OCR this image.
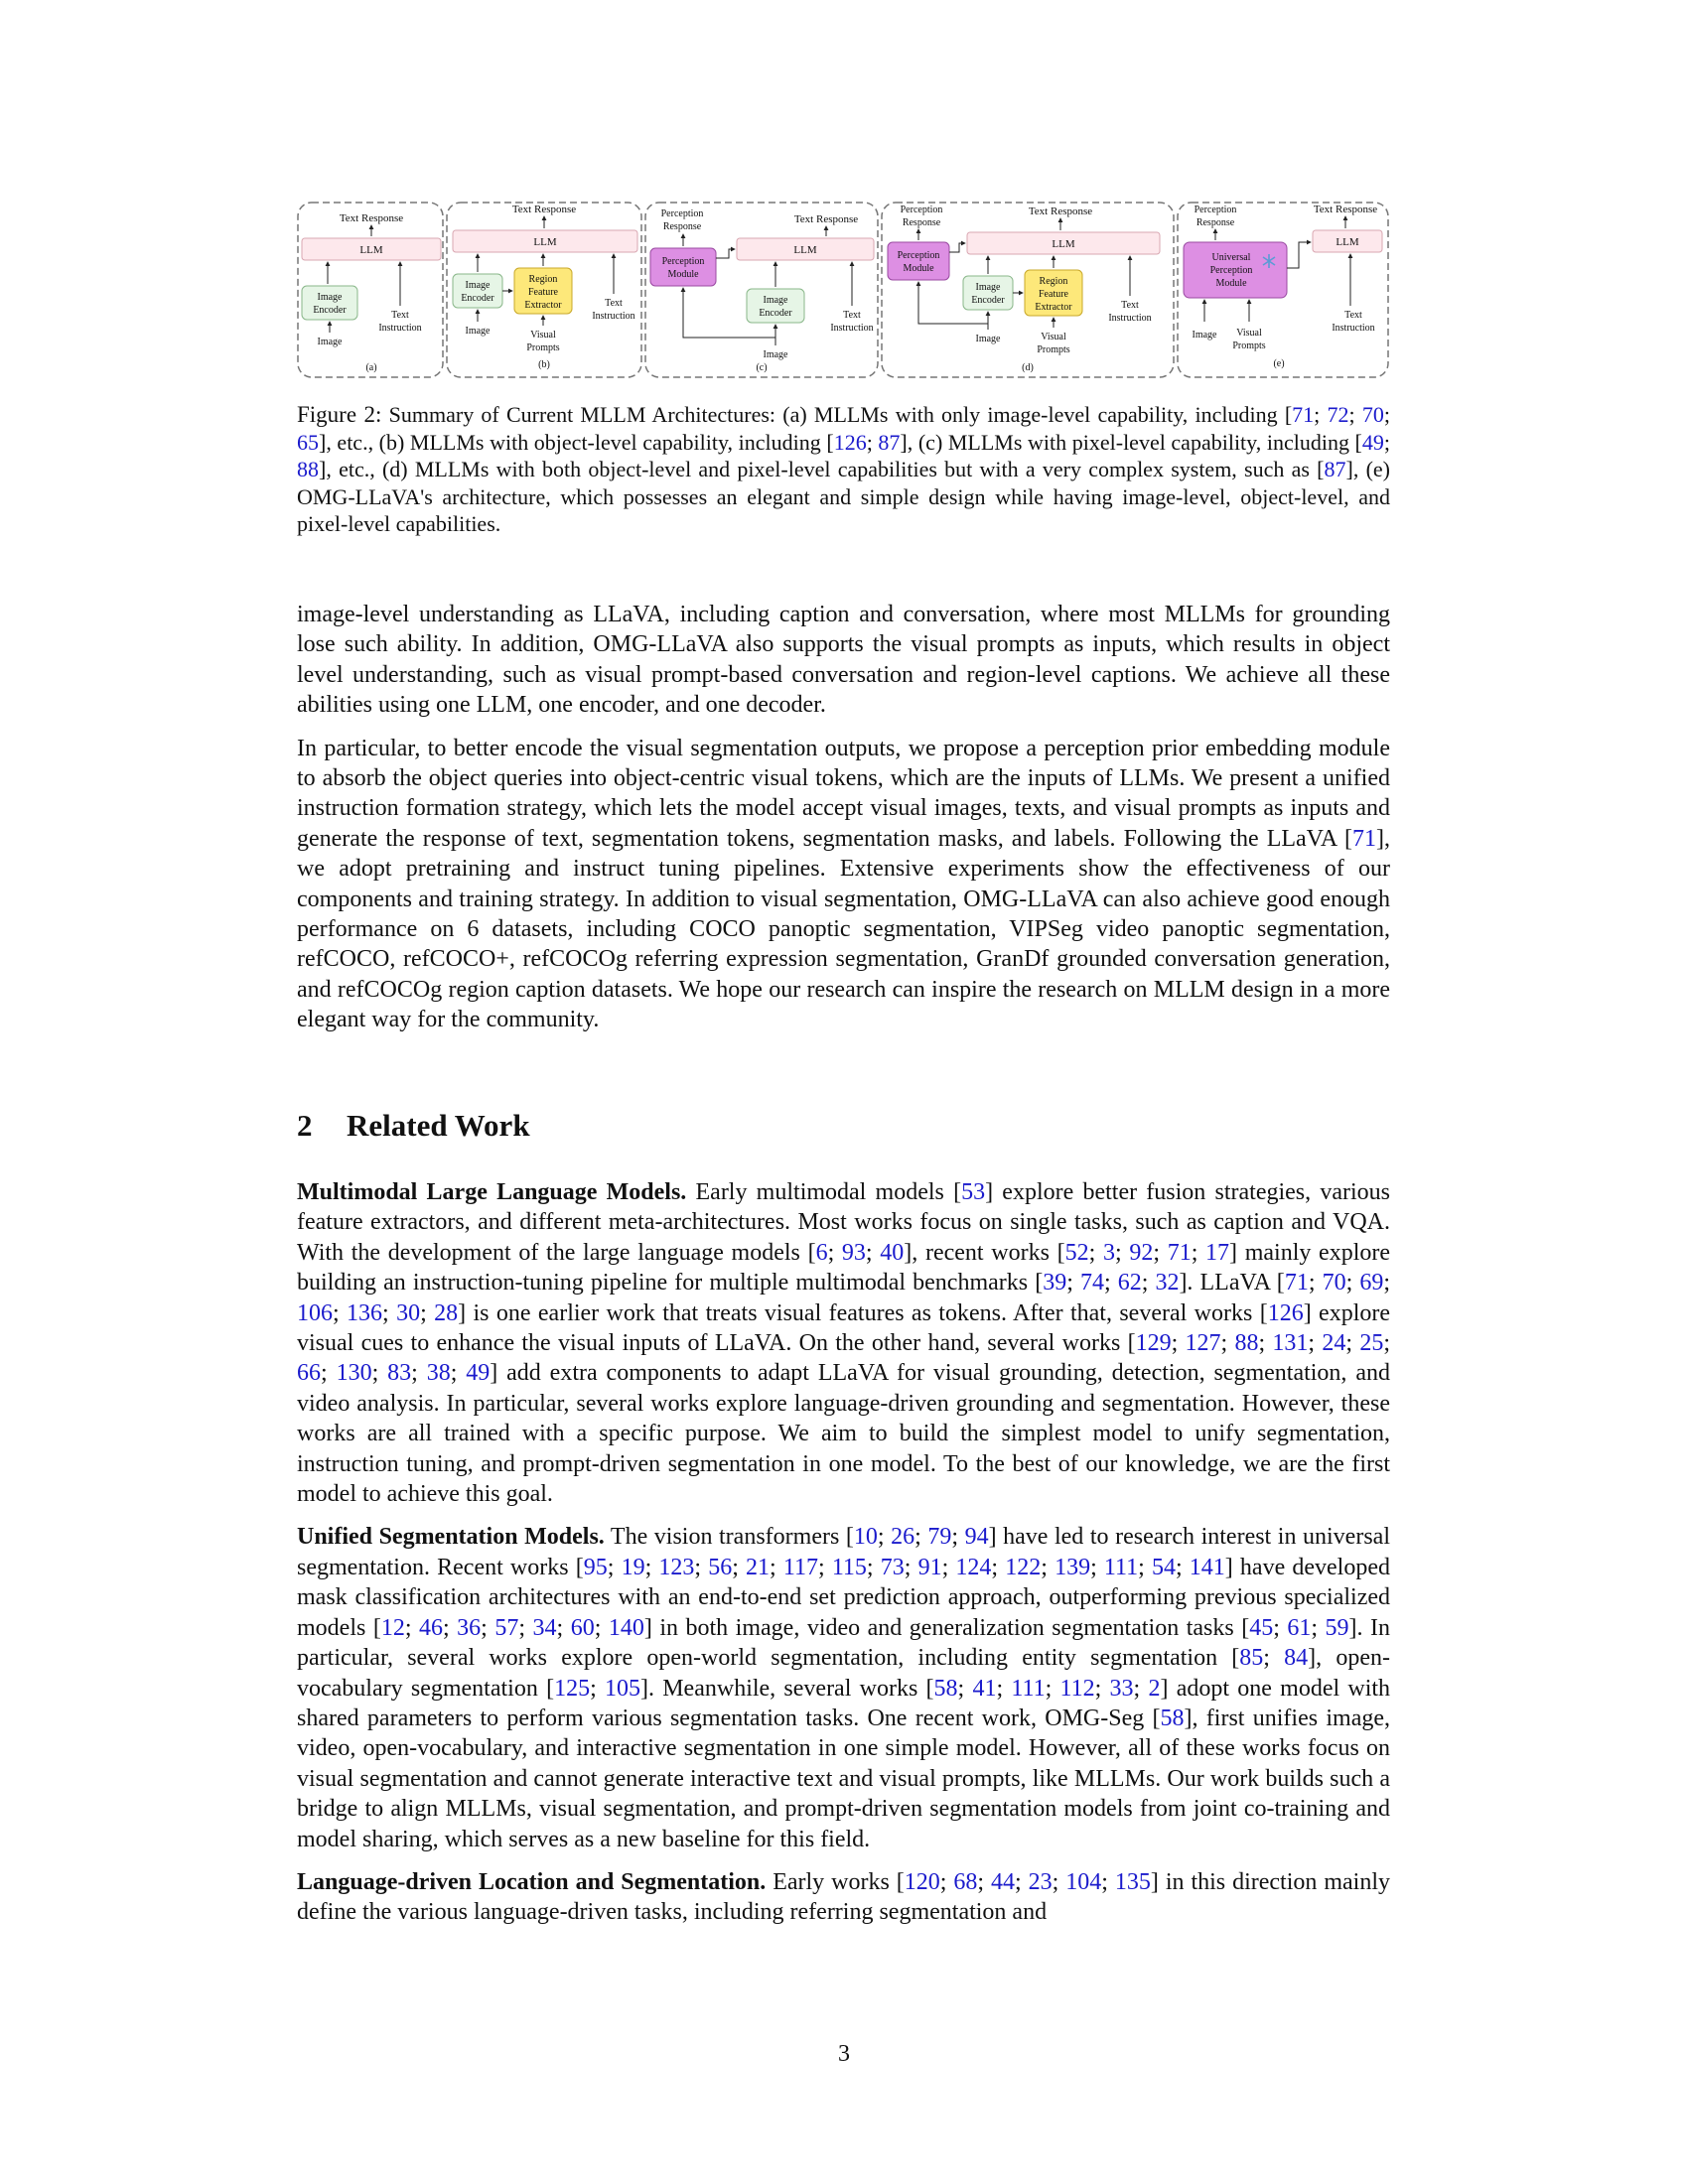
Text Response
LLM
Image
Encoder	Text
Instruction
Image
(a)
Text Response
LLM
Image
Encoder
Region
Feature
Extractor	Text
Instruction
Image	Visual
Prompts
(b)
Perception
Response
Text Response
LLM
Perception
Module
Image
Encoder	Text
Instruction
Image
(c)
Perception
Response
Text Response
LLM
Perception
Module
Image
Encoder
Region
Feature
Extractor	Text
Instruction
Image	Visual
Prompts
(d)
Perception
Response
Text Response
LLM
Universal
Perception
Module
Text
Instruction
Image Visual
Prompts
(e)
Figure 2: Summary of Current MLLM Architectures: (a) MLLMs with only image-level capability, including [71; 72; 70; 65], etc., (b) MLLMs with object-level capability, including [126; 87], (c) MLLMs with pixel-level capability, including [49; 88], etc., (d) MLLMs with both object-level and pixel-level capabilities but with a very complex system, such as [87], (e) OMG-LLaVA's architecture, which possesses an elegant and simple design while having image-level, object-level, and pixel-level capabilities.

image-level understanding as LLaVA, including caption and conversation, where most MLLMs for grounding lose such ability. In addition, OMG-LLaVA also supports the visual prompts as inputs, which results in object level understanding, such as visual prompt-based conversation and region-level captions. We achieve all these abilities using one LLM, one encoder, and one decoder.

In particular, to better encode the visual segmentation outputs, we propose a perception prior embedding module to absorb the object queries into object-centric visual tokens, which are the inputs of LLMs. We present a unified instruction formation strategy, which lets the model accept visual images, texts, and visual prompts as inputs and generate the response of text, segmentation tokens, segmentation masks, and labels. Following the LLaVA [71], we adopt pretraining and instruct tuning pipelines. Extensive experiments show the effectiveness of our components and training strategy. In addition to visual segmentation, OMG-LLaVA can also achieve good enough performance on 6 datasets, including COCO panoptic segmentation, VIPSeg video panoptic segmentation, refCOCO, refCOCO+, refCOCOg referring expression segmentation, GranDf grounded conversation generation, and refCOCOg region caption datasets. We hope our research can inspire the research on MLLM design in a more elegant way for the community.

2 Related Work

Multimodal Large Language Models. Early multimodal models [53] explore better fusion strategies, various feature extractors, and different meta-architectures. Most works focus on single tasks, such as caption and VQA. With the development of the large language models [6; 93; 40], recent works [52; 3; 92; 71; 17] mainly explore building an instruction-tuning pipeline for multiple multimodal benchmarks [39; 74; 62; 32]. LLaVA [71; 70; 69; 106; 136; 30; 28] is one earlier work that treats visual features as tokens. After that, several works [126] explore visual cues to enhance the visual inputs of LLaVA. On the other hand, several works [129; 127; 88; 131; 24; 25; 66; 130; 83; 38; 49] add extra components to adapt LLaVA for visual grounding, detection, segmentation, and video analysis. In particular, several works explore language-driven grounding and segmentation. However, these works are all trained with a specific purpose. We aim to build the simplest model to unify segmentation, instruction tuning, and prompt-driven segmentation in one model. To the best of our knowledge, we are the first model to achieve this goal.

Unified Segmentation Models. The vision transformers [10; 26; 79; 94] have led to research interest in universal segmentation. Recent works [95; 19; 123; 56; 21; 117; 115; 73; 91; 124; 122; 139; 111; 54; 141] have developed mask classification architectures with an end-to-end set prediction approach, outperforming previous specialized models [12; 46; 36; 57; 34; 60; 140] in both image, video and generalization segmentation tasks [45; 61; 59]. In particular, several works explore open-world segmentation, including entity segmentation [85; 84], open-vocabulary segmentation [125; 105]. Meanwhile, several works [58; 41; 111; 112; 33; 2] adopt one model with shared parameters to perform various segmentation tasks. One recent work, OMG-Seg [58], first unifies image, video, open-vocabulary, and interactive segmentation in one simple model. However, all of these works focus on visual segmentation and cannot generate interactive text and visual prompts, like MLLMs. Our work builds such a bridge to align MLLMs, visual segmentation, and prompt-driven segmentation models from joint co-training and model sharing, which serves as a new baseline for this field.

Language-driven Location and Segmentation. Early works [120; 68; 44; 23; 104; 135] in this direction mainly define the various language-driven tasks, including referring segmentation and

3
